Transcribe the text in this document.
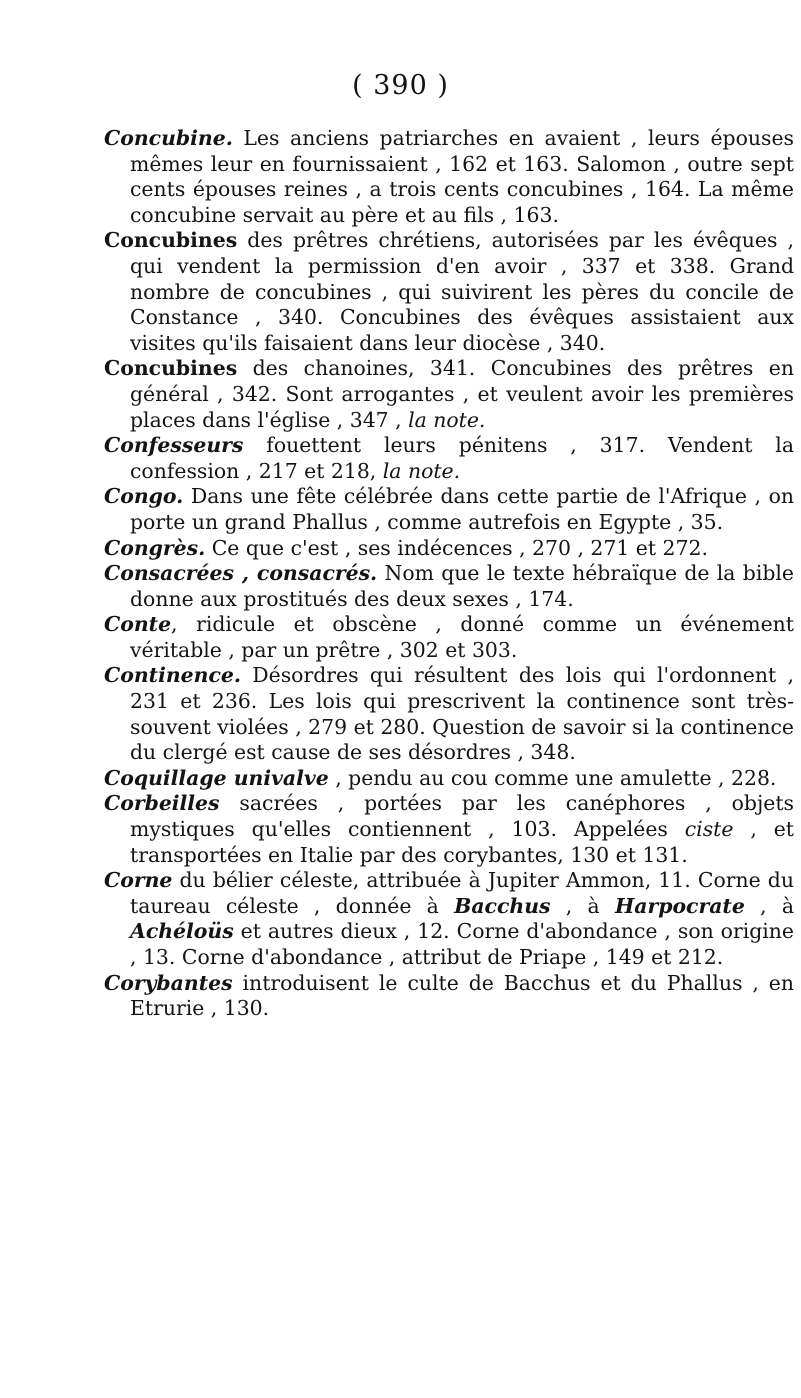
( 390 )

Concubine. Les anciens patriarches en avaient , leurs épouses mêmes leur en fournissaient , 162 et 163. Salomon , outre sept cents épouses reines , a trois cents concubines , 164. La même concubine servait au père et au fils , 163.

Concubines des prêtres chrétiens, autorisées par les évêques , qui vendent la permission d'en avoir , 337 et 338. Grand nombre de concubines , qui suivirent les pères du concile de Constance , 340. Concubines des évêques assistaient aux visites qu'ils faisaient dans leur diocèse , 340.

Concubines des chanoines, 341. Concubines des prêtres en général , 342. Sont arrogantes , et veulent avoir les premières places dans l'église , 347 , la note.

Confesseurs fouettent leurs pénitens , 317. Vendent la confession , 217 et 218, la note.

Congo. Dans une fête célébrée dans cette partie de l'Afrique , on porte un grand Phallus , comme autrefois en Egypte , 35.

Congrès. Ce que c'est , ses indécences , 270 , 271 et 272.

Consacrées , consacrés. Nom que le texte hébraïque de la bible donne aux prostitués des deux sexes , 174.

Conte, ridicule et obscène , donné comme un événement véritable , par un prêtre , 302 et 303.

Continence. Désordres qui résultent des lois qui l'ordonnent , 231 et 236. Les lois qui prescrivent la continence sont très-souvent violées , 279 et 280. Question de savoir si la continence du clergé est cause de ses désordres , 348.

Coquillage univalve , pendu au cou comme une amulette , 228.

Corbeilles sacrées , portées par les canéphores , objets mystiques qu'elles contiennent , 103. Appelées ciste , et transportées en Italie par des corybantes, 130 et 131.

Corne du bélier céleste, attribuée à Jupiter Ammon, 11. Corne du taureau céleste , donnée à Bacchus , à Harpocrate , à Achéloüs et autres dieux , 12. Corne d'abondance , son origine , 13. Corne d'abondance , attribut de Priape , 149 et 212.

Corybantes introduisent le culte de Bacchus et du Phallus , en Etrurie , 130.
